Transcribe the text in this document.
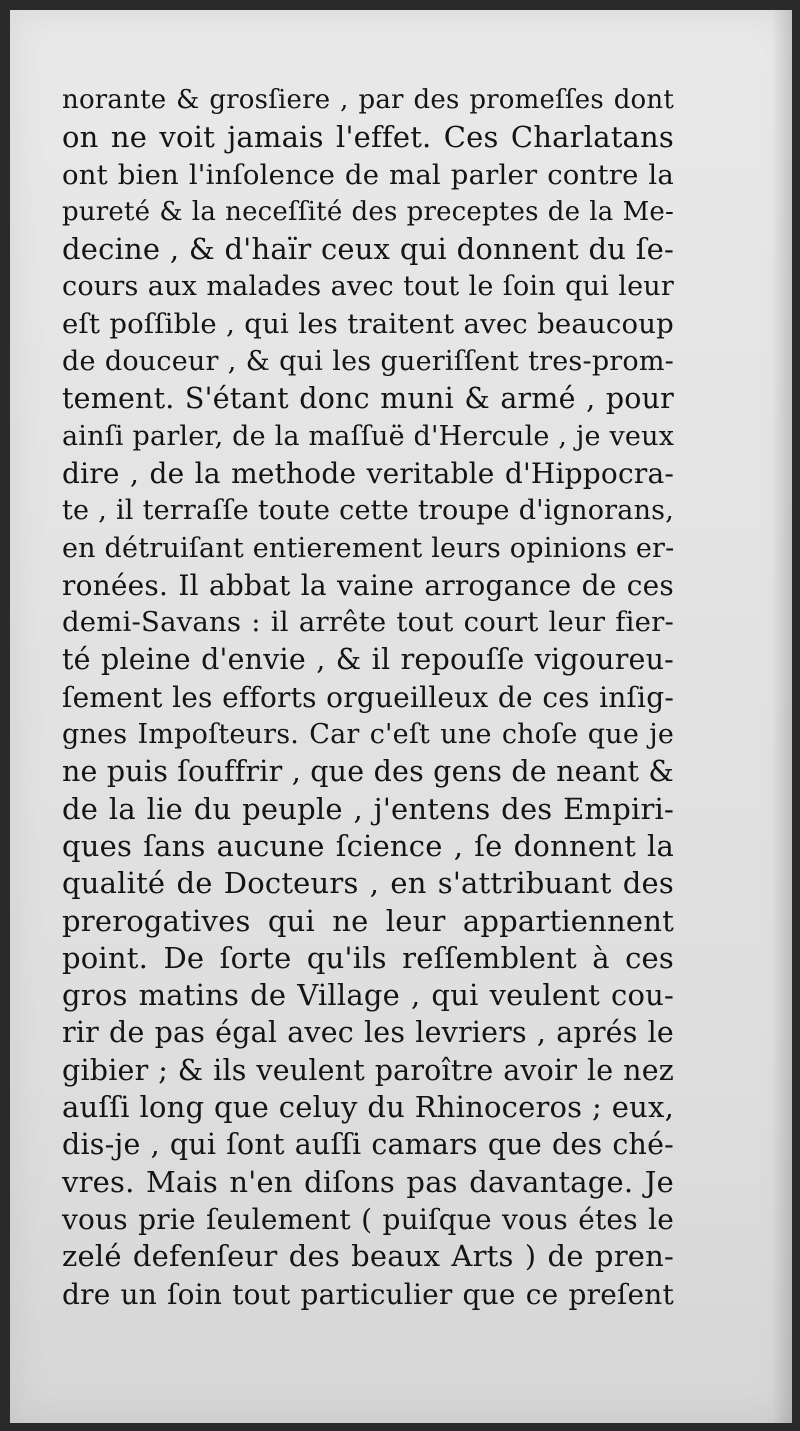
norante & grosſiere , par des promeſſes dont
on ne voit jamais l'effet. Ces Charlatans
ont bien l'inſolence de mal parler contre la
pureté & la neceſſité des preceptes de la Me-
decine , & d'haïr ceux qui donnent du ſe-
cours aux malades avec tout le ſoin qui leur
eſt poſſible , qui les traitent avec beaucoup
de douceur , & qui les gueriſſent tres-prom-
tement. S'étant donc muni & armé , pour
ainſi parler, de la maſſuë d'Hercule , je veux
dire , de la methode veritable d'Hippocra-
te , il terraſſe toute cette troupe d'ignorans,
en détruiſant entierement leurs opinions er-
ronées. Il abbat la vaine arrogance de ces
demi-Savans : il arrête tout court leur fier-
té pleine d'envie , & il repouſſe vigoureu-
ſement les efforts orgueilleux de ces inſig-
gnes Impoſteurs. Car c'eſt une choſe que je
ne puis ſouffrir , que des gens de neant &
de la lie du peuple , j'entens des Empiri-
ques ſans aucune ſcience , ſe donnent la
qualité de Docteurs , en s'attribuant des
prerogatives qui ne leur appartiennent
point. De ſorte qu'ils reſſemblent à ces
gros matins de Village , qui veulent cou-
rir de pas égal avec les levriers , aprés le
gibier ; & ils veulent paroître avoir le nez
auſſi long que celuy du Rhinoceros ; eux,
dis-je , qui ſont auſſi camars que des ché-
vres. Mais n'en diſons pas davantage. Je
vous prie ſeulement ( puiſque vous étes le
zelé defenſeur des beaux Arts ) de pren-
dre un ſoin tout particulier que ce preſent
